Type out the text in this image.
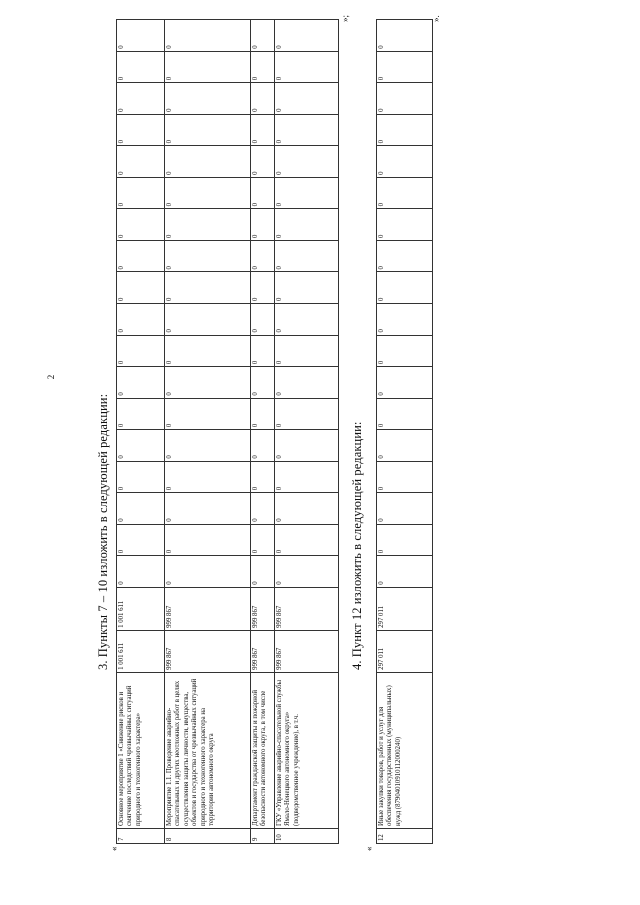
2
3. Пункты 7 – 10 изложить в следующей редакции:
«
7	Основное мероприятие 1 «Снижение рисков и смягчение последствий чрезвычайных ситуаций природного и техногенного характера»	1 001 611	1 001 611	0	0	0	0	0	0	0	0	0	0	0	0	0	0	0	0	0	0
8	Мероприятие 1.1. Проведение аварийно-спасательных и других неотложных работ в целях осуществления защиты личности, имущества, объектов и государства от чрезвычайных ситуаций природного и техногенного характера на территории автономного округа	999 867	999 867	0	0	0	0	0	0	0	0	0	0	0	0	0	0	0	0	0	0
9	Департамент гражданской защиты и пожарной безопасности автономного округа, в том числе	999 867	999 867	0	0	0	0	0	0	0	0	0	0	0	0	0	0	0	0	0	0
10	ГКУ «Управление аварийно-спасательной службы Ямало-Ненецкого автономного округа» (подведомственное учреждение), в т.ч.	999 867	999 867	0	0	0	0	0	0	0	0	0	0	0	0	0	0	0	0	0	0
»;
4. Пункт 12 изложить в следующей редакции:
«
12	Иные закупки товаров, работ и услуг для обеспечения государственных (муниципальных) нужд (87904010910112000240)	297 011	297 011	0	0	0	0	0	0	0	0	0	0	0	0	0	0	0	0	0	0
».
